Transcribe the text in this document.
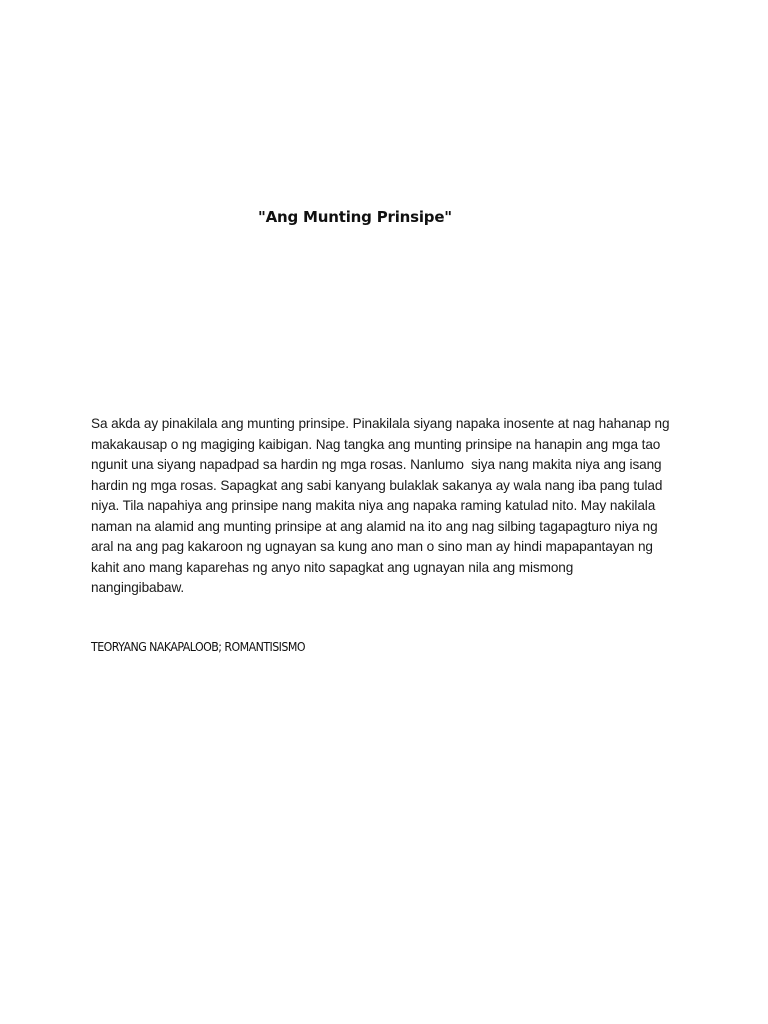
"Ang Munting Prinsipe"
Sa akda ay pinakilala ang munting prinsipe. Pinakilala siyang napaka inosente at nag hahanap ng
makakausap o ng magiging kaibigan. Nag tangka ang munting prinsipe na hanapin ang mga tao
ngunit una siyang napadpad sa hardin ng mga rosas. Nanlumo  siya nang makita niya ang isang
hardin ng mga rosas. Sapagkat ang sabi kanyang bulaklak sakanya ay wala nang iba pang tulad
niya. Tila napahiya ang prinsipe nang makita niya ang napaka raming katulad nito. May nakilala
naman na alamid ang munting prinsipe at ang alamid na ito ang nag silbing tagapagturo niya ng
aral na ang pag kakaroon ng ugnayan sa kung ano man o sino man ay hindi mapapantayan ng
kahit ano mang kaparehas ng anyo nito sapagkat ang ugnayan nila ang mismong
nangingibabaw.

TEORYANG NAKAPALOOB; ROMANTISISMO
